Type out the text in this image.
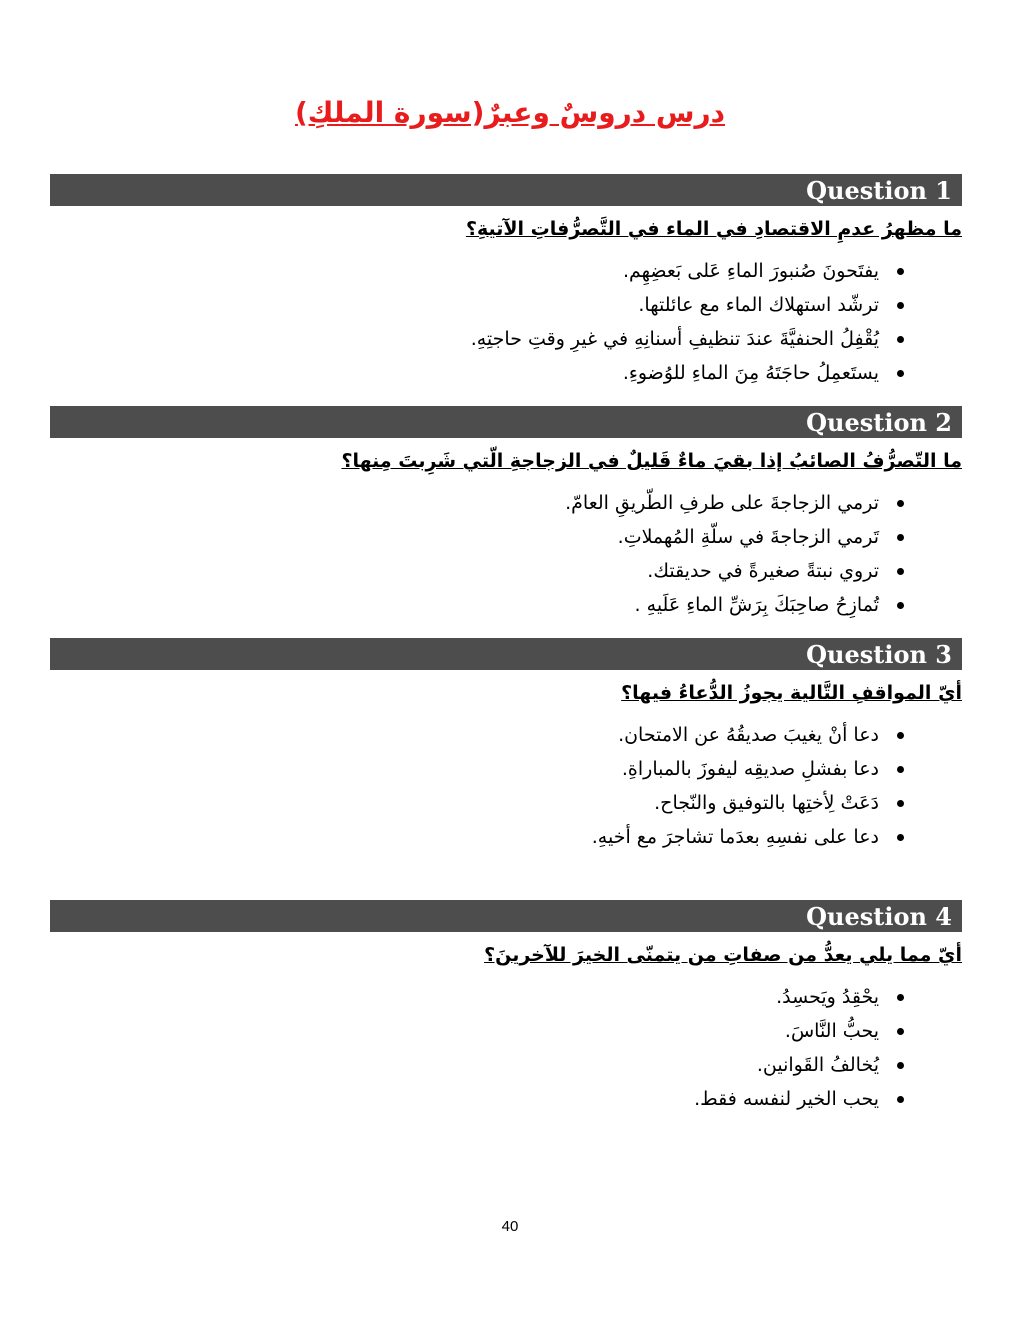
درس دروسٌ وعبرٌ(سورة الملكِ)
Question 1
ما مظهرُ عدمِ الاقتصادِ في الماء في التَّصرُّفاتِ الآتيةِ؟
يفتَحونَ صُنبورَ الماءِ عَلى بَعضِهِم.
ترشّد استهلاك الماء مع عائلتها.
يُقْفِلُ الحنفيَّةَ عندَ تنظيفِ أسنانِهِ في غيرِ وقتِ حاجتِهِ.
يستَعمِلُ حاجَتَهُ مِنَ الماءِ للوُضوءِ.
Question 2
ما التّصرُّفُ الصائبُ إذا بقيَ ماءٌ قَليلٌ في الزجاجةِ الّتي شَرِبتَ مِنها؟
ترمي الزجاجةَ على طرفِ الطّريقِ العامّ.
تَرمي الزجاجةَ في سلّةِ المُهملاتِ.
تروي نبتةً صغيرةً في حديقتك.
تُمازِحُ صاحِبَكَ بِرَشِّ الماءِ عَلَيهِ .
Question 3
أيّ المواقفِ التَّالية يجوزُ الدُّعاءُ فيها؟
دعا أنْ يغيبَ صديقُهُ عن الامتحان.
دعا بفشلِ صديقِه ليفوزَ بالمباراةِ.
دَعَتْ لِأختِها بالتوفيق والنّجاح.
دعا على نفسِهِ بعدَما تشاجرَ مع أخيهِ.
Question 4
أيّ مما يلي يعدُّ من صفاتِ من يتمنّى الخيرَ للآخرينَ؟
يحْقِدُ ويَحسِدُ.
يحبُّ النَّاسَ.
يُخالفُ القَوانين.
يحب الخير لنفسه فقط.
40
